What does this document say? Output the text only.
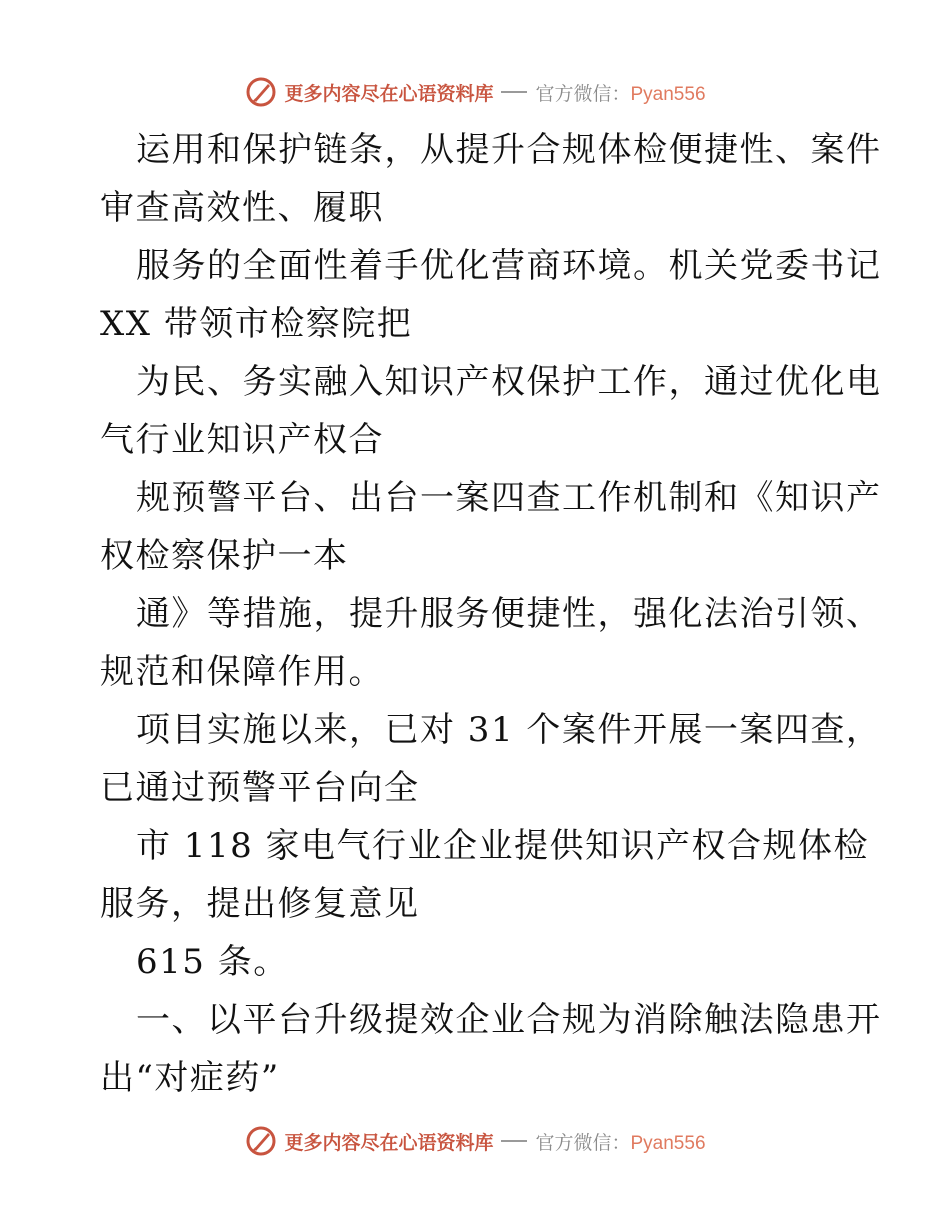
更多内容尽在心语资料库 官方微信：Pyan556
运用和保护链条，从提升合规体检便捷性、案件
审查高效性、履职
服务的全面性着手优化营商环境。机关党委书记
XX 带领市检察院把
为民、务实融入知识产权保护工作，通过优化电
气行业知识产权合
规预警平台、出台一案四查工作机制和《知识产
权检察保护一本
通》等措施，提升服务便捷性，强化法治引领、
规范和保障作用。
项目实施以来，已对 31 个案件开展一案四查，
已通过预警平台向全
市 118 家电气行业企业提供知识产权合规体检
服务，提出修复意见
615 条。
一、以平台升级提效企业合规为消除触法隐患开
出“对症药”
更多内容尽在心语资料库 官方微信：Pyan556
